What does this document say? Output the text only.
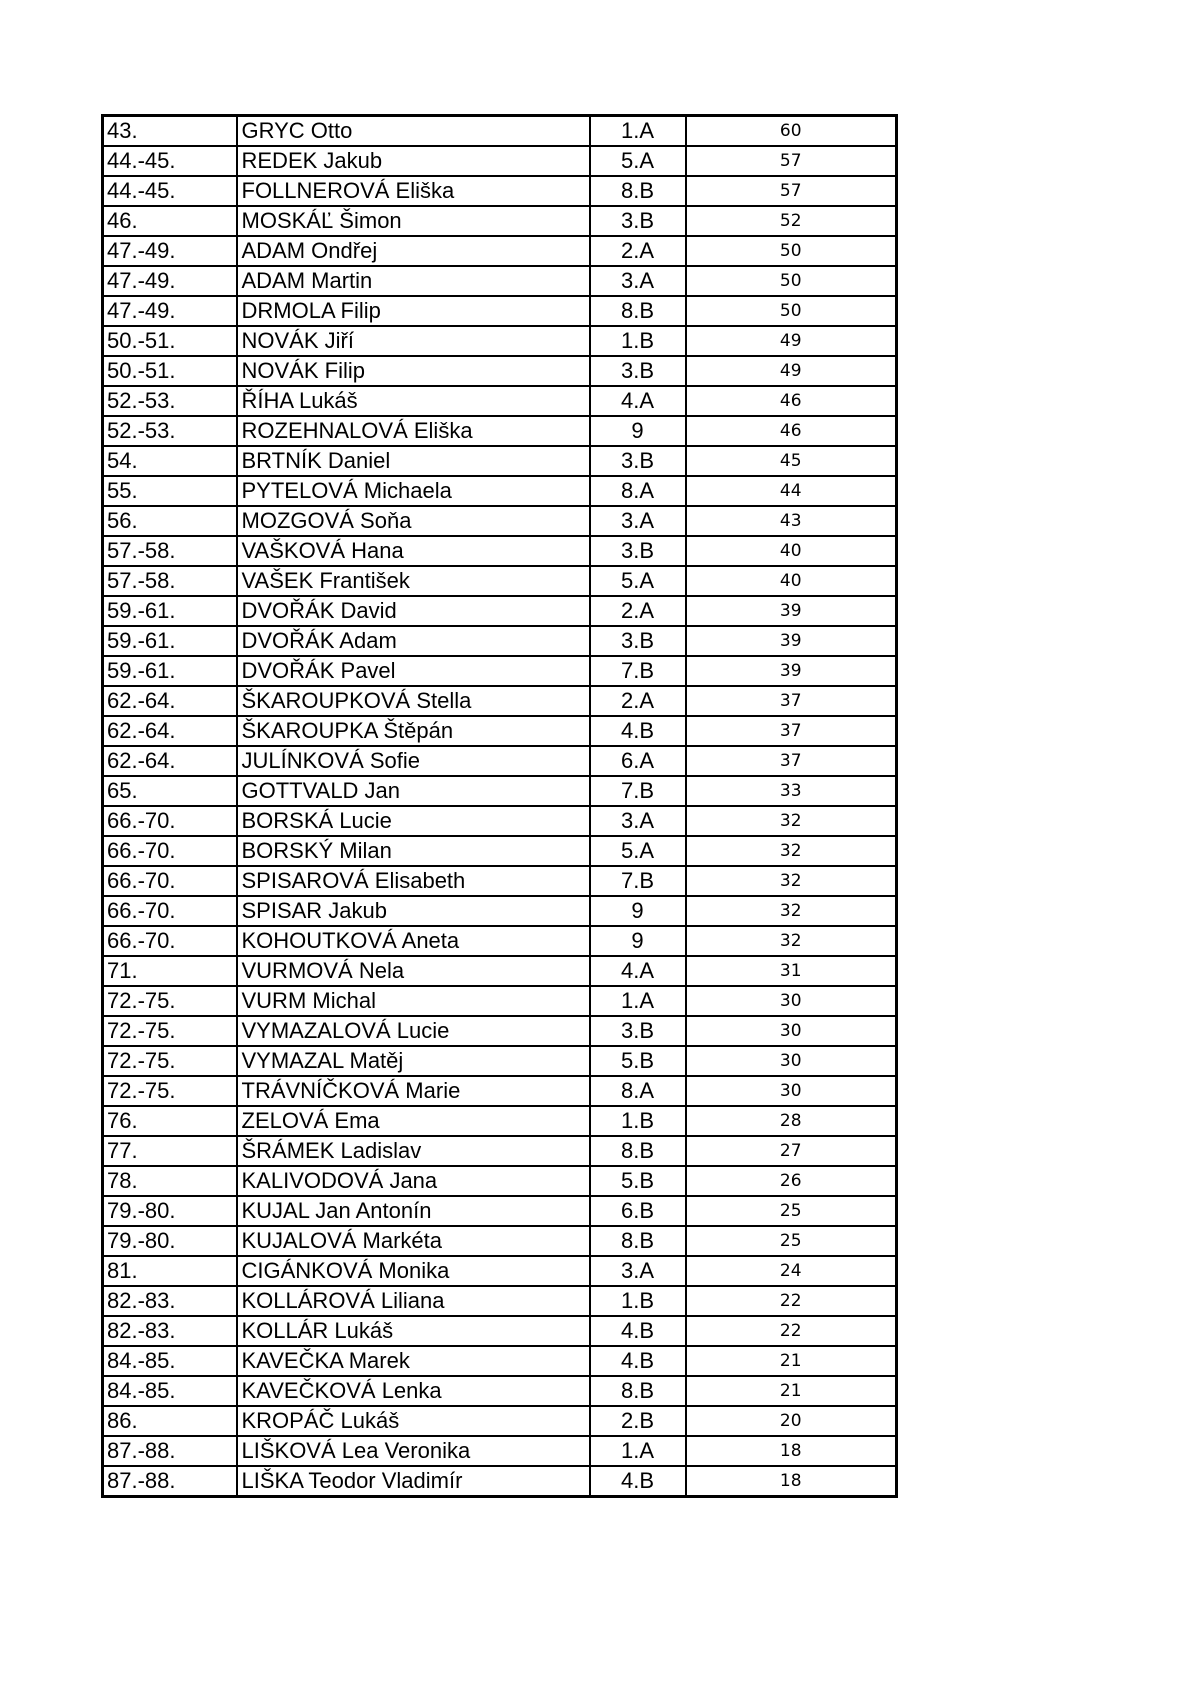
43.	GRYC Otto	1.A	60
44.-45.	REDEK Jakub	5.A	57
44.-45.	FOLLNEROVÁ Eliška	8.B	57
46.	MOSKÁĽ Šimon	3.B	52
47.-49.	ADAM Ondřej	2.A	50
47.-49.	ADAM Martin	3.A	50
47.-49.	DRMOLA Filip	8.B	50
50.-51.	NOVÁK Jiří	1.B	49
50.-51.	NOVÁK Filip	3.B	49
52.-53.	ŘÍHA Lukáš	4.A	46
52.-53.	ROZEHNALOVÁ Eliška	9	46
54.	BRTNÍK Daniel	3.B	45
55.	PYTELOVÁ Michaela	8.A	44
56.	MOZGOVÁ Soňa	3.A	43
57.-58.	VAŠKOVÁ Hana	3.B	40
57.-58.	VAŠEK František	5.A	40
59.-61.	DVOŘÁK David	2.A	39
59.-61.	DVOŘÁK Adam	3.B	39
59.-61.	DVOŘÁK Pavel	7.B	39
62.-64.	ŠKAROUPKOVÁ Stella	2.A	37
62.-64.	ŠKAROUPKA Štěpán	4.B	37
62.-64.	JULÍNKOVÁ Sofie	6.A	37
65.	GOTTVALD Jan	7.B	33
66.-70.	BORSKÁ Lucie	3.A	32
66.-70.	BORSKÝ Milan	5.A	32
66.-70.	SPISAROVÁ Elisabeth	7.B	32
66.-70.	SPISAR Jakub	9	32
66.-70.	KOHOUTKOVÁ Aneta	9	32
71.	VURMOVÁ Nela	4.A	31
72.-75.	VURM Michal	1.A	30
72.-75.	VYMAZALOVÁ Lucie	3.B	30
72.-75.	VYMAZAL Matěj	5.B	30
72.-75.	TRÁVNÍČKOVÁ Marie	8.A	30
76.	ZELOVÁ Ema	1.B	28
77.	ŠRÁMEK Ladislav	8.B	27
78.	KALIVODOVÁ Jana	5.B	26
79.-80.	KUJAL Jan Antonín	6.B	25
79.-80.	KUJALOVÁ Markéta	8.B	25
81.	CIGÁNKOVÁ Monika	3.A	24
82.-83.	KOLLÁROVÁ Liliana	1.B	22
82.-83.	KOLLÁR Lukáš	4.B	22
84.-85.	KAVEČKA Marek	4.B	21
84.-85.	KAVEČKOVÁ Lenka	8.B	21
86.	KROPÁČ Lukáš	2.B	20
87.-88.	LIŠKOVÁ Lea Veronika	1.A	18
87.-88.	LIŠKA Teodor Vladimír	4.B	18
